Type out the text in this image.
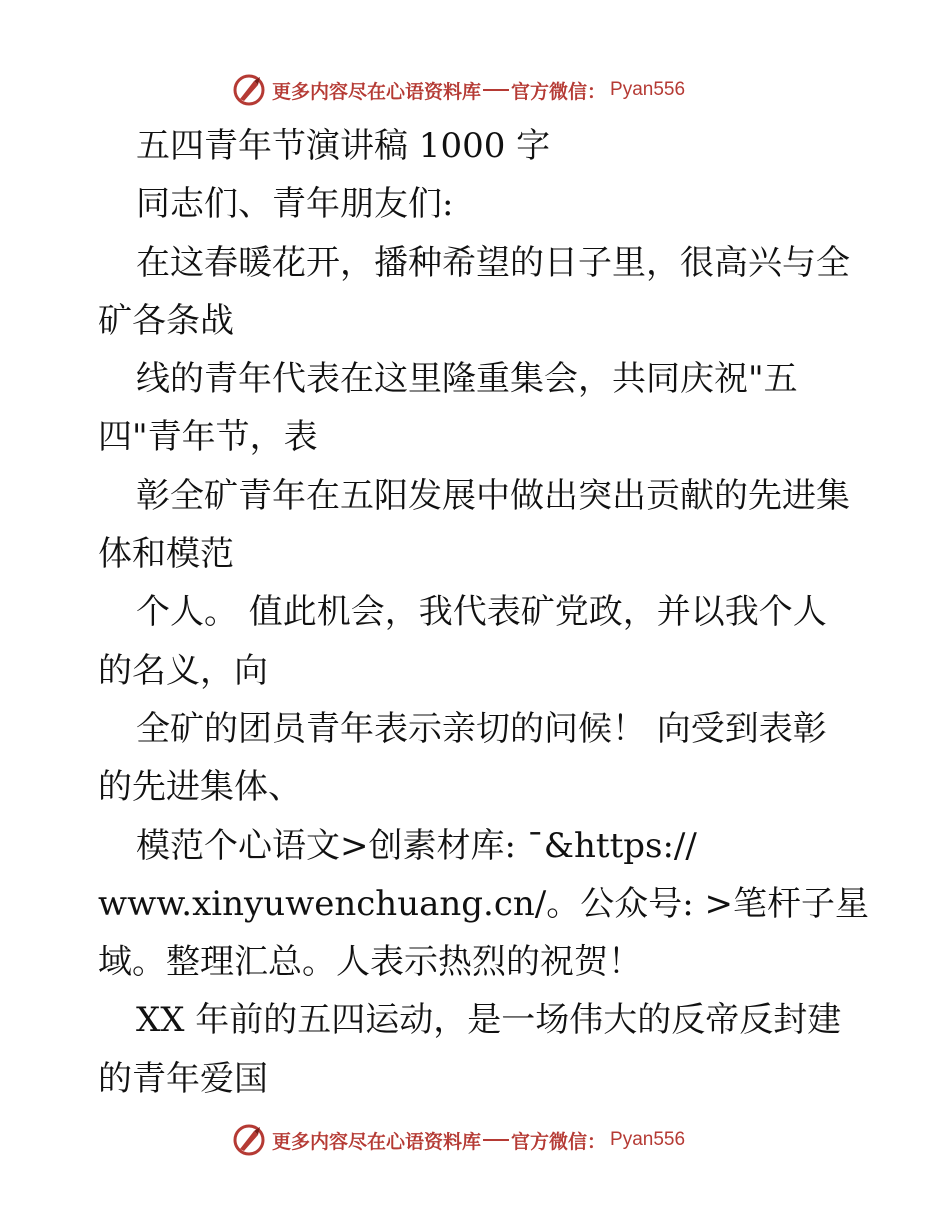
更多内容尽在心语资料库 官方微信： Pyan556
五四青年节演讲稿 1000 字
同志们、青年朋友们:
在这春暖花开，播种希望的日子里，很高兴与全
矿各条战
线的青年代表在这里隆重集会，共同庆祝"五
四"青年节，表
彰全矿青年在五阳发展中做出突出贡献的先进集
体和模范
个人。 值此机会，我代表矿党政，并以我个人
的名义，向
全矿的团员青年表示亲切的问候！ 向受到表彰
的先进集体、
模范个心语文>创素材库: ¯&https://
www.xinyuwenchuang.cn/。公众号: >笔杆子星
域。整理汇总。人表示热烈的祝贺！
XX 年前的五四运动，是一场伟大的反帝反封建
的青年爱国
更多内容尽在心语资料库 官方微信： Pyan556
